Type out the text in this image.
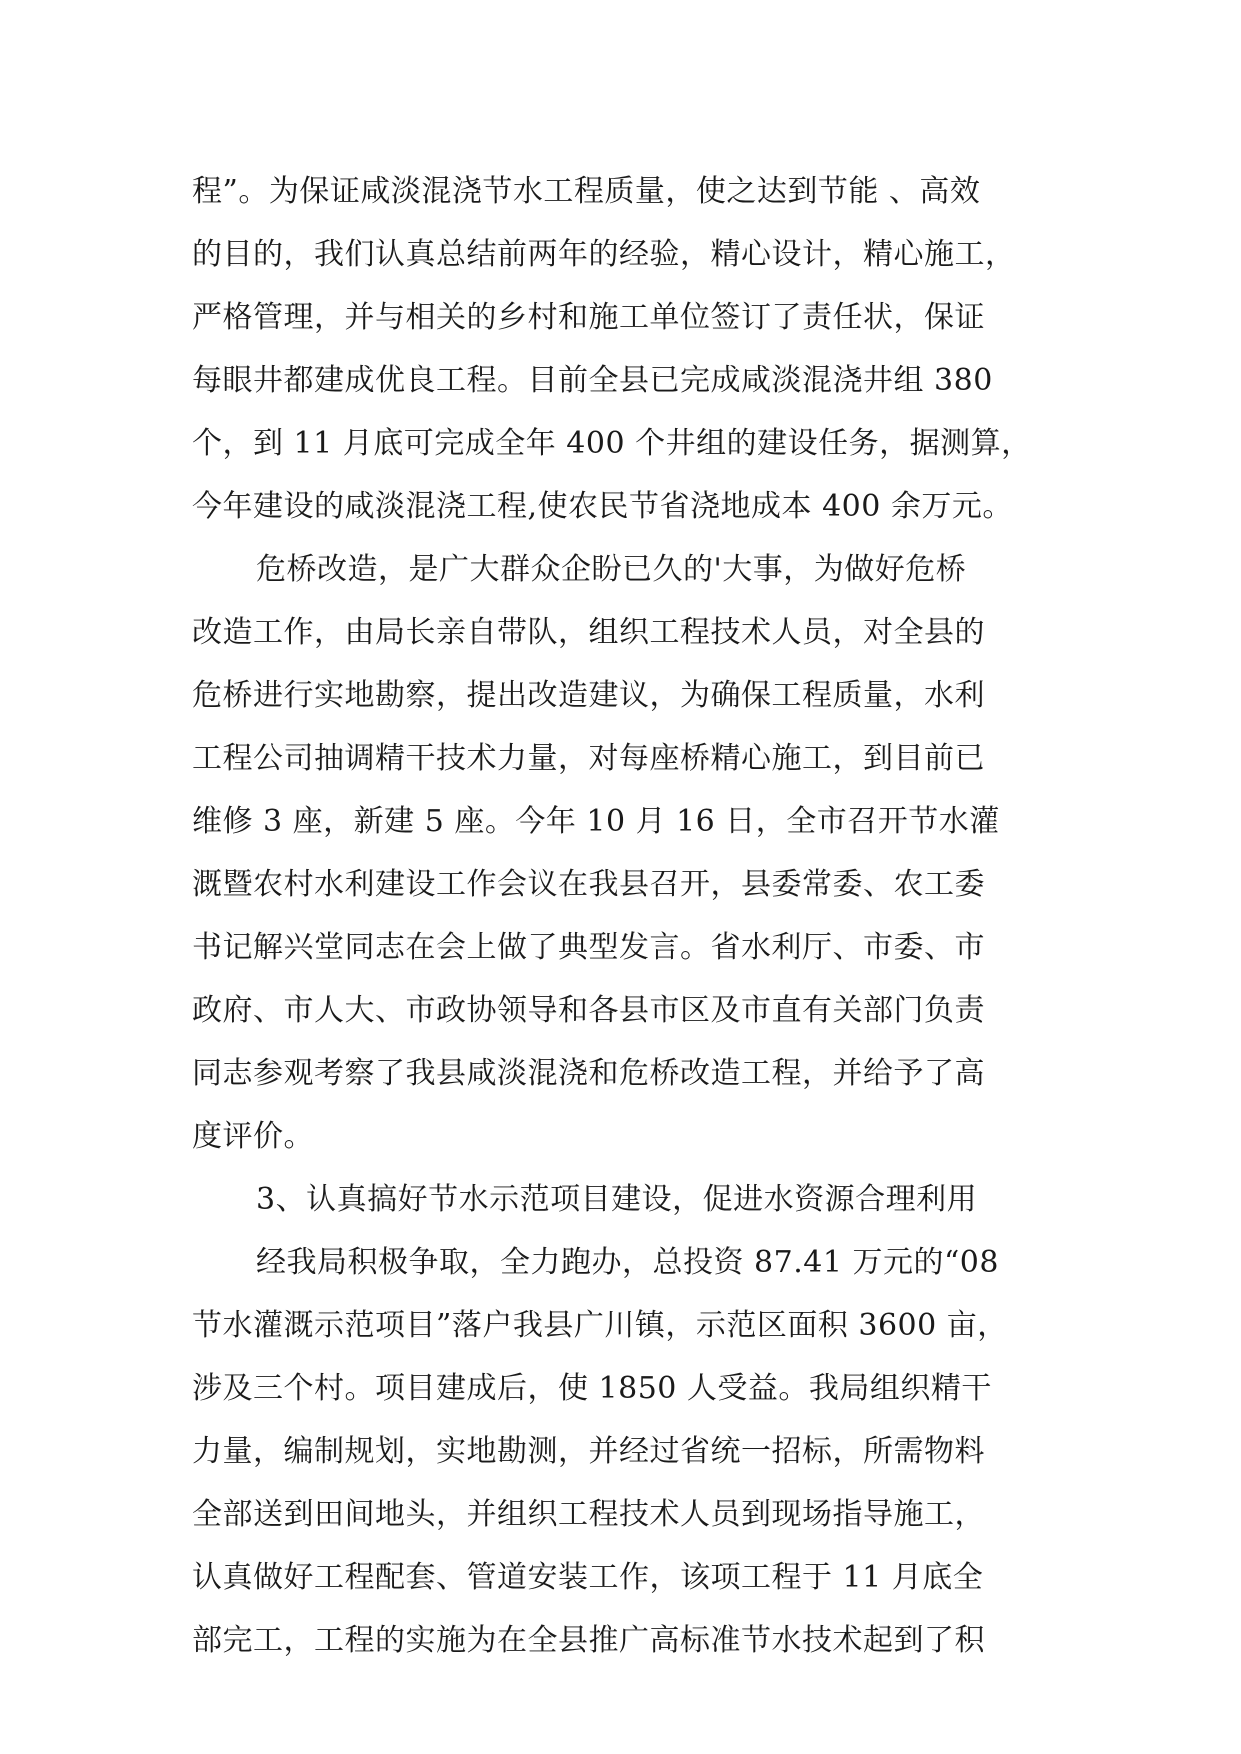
程”。为保证咸淡混浇节水工程质量，使之达到节能 、高效
的目的，我们认真总结前两年的经验，精心设计，精心施工，
严格管理，并与相关的乡村和施工单位签订了责任状，保证
每眼井都建成优良工程。目前全县已完成咸淡混浇井组 380
个，到 11 月底可完成全年 400 个井组的建设任务，据测算，
今年建设的咸淡混浇工程,使农民节省浇地成本 400 余万元。
危桥改造，是广大群众企盼已久的'大事，为做好危桥
改造工作，由局长亲自带队，组织工程技术人员，对全县的
危桥进行实地勘察，提出改造建议，为确保工程质量，水利
工程公司抽调精干技术力量，对每座桥精心施工，到目前已
维修 3 座，新建 5 座。今年 10 月 16 日，全市召开节水灌
溉暨农村水利建设工作会议在我县召开，县委常委、农工委
书记解兴堂同志在会上做了典型发言。省水利厅、市委、市
政府、市人大、市政协领导和各县市区及市直有关部门负责
同志参观考察了我县咸淡混浇和危桥改造工程，并给予了高
度评价。
3、认真搞好节水示范项目建设，促进水资源合理利用
经我局积极争取，全力跑办，总投资 87.41 万元的“08
节水灌溉示范项目”落户我县广川镇，示范区面积 3600 亩，
涉及三个村。项目建成后，使 1850 人受益。我局组织精干
力量，编制规划，实地勘测，并经过省统一招标，所需物料
全部送到田间地头，并组织工程技术人员到现场指导施工，
认真做好工程配套、管道安装工作，该项工程于 11 月底全
部完工，工程的实施为在全县推广高标准节水技术起到了积
